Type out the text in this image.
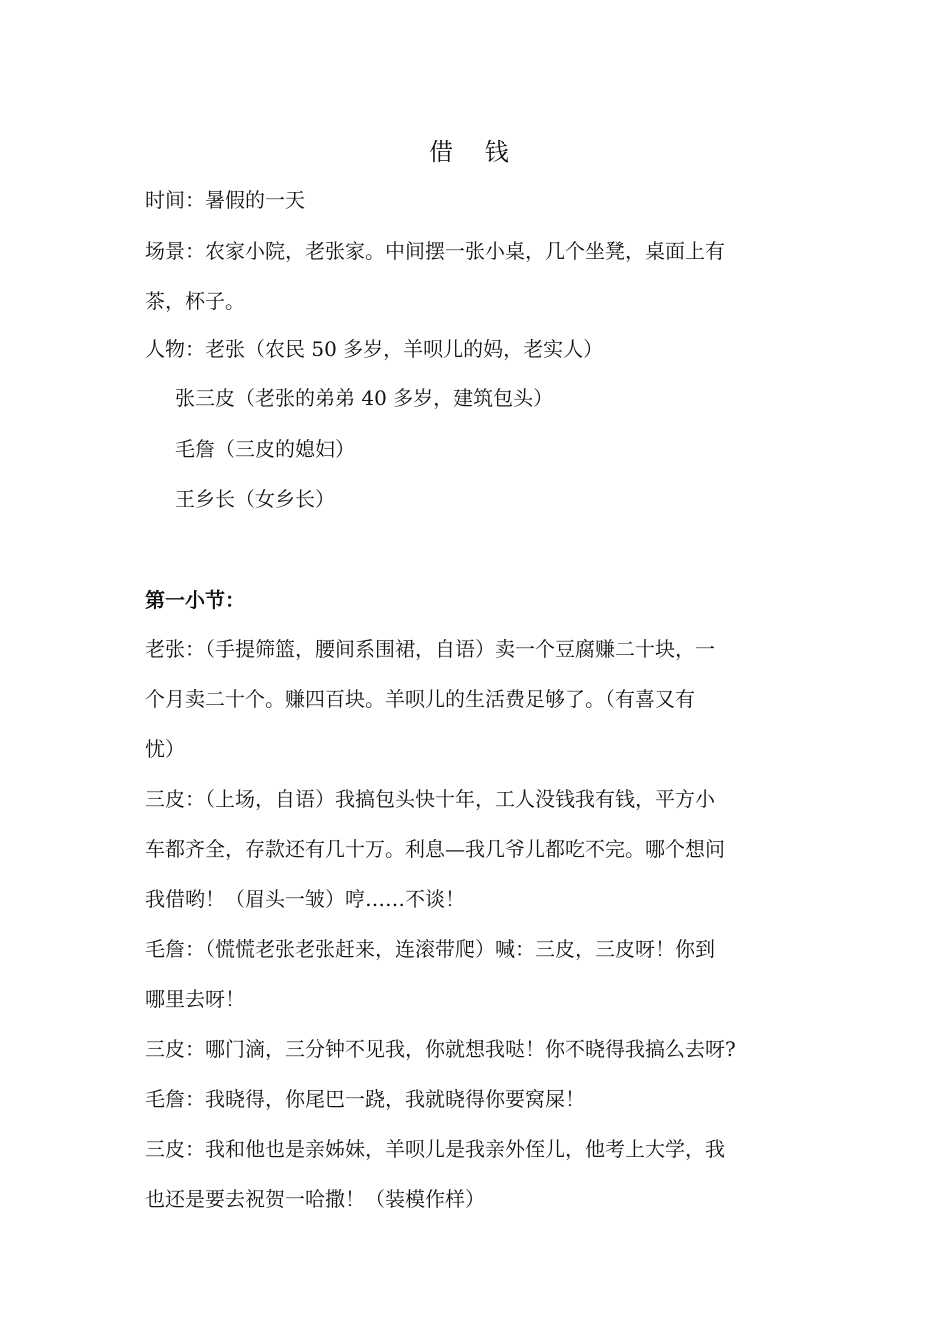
借 钱
时间：暑假的一天
场景：农家小院，老张家。中间摆一张小桌，几个坐凳，桌面上有
茶，杯子。
人物：老张（农民 50 多岁，羊呗儿的妈，老实人）
张三皮（老张的弟弟 40 多岁，建筑包头）
毛詹（三皮的媳妇）
王乡长（女乡长）
第一小节：
老张：（手提筛篮，腰间系围裙，自语）卖一个豆腐赚二十块，一
个月卖二十个。赚四百块。羊呗儿的生活费足够了。（有喜又有
忧）
三皮：（上场，自语）我搞包头快十年，工人没钱我有钱，平方小
车都齐全，存款还有几十万。利息—我几爷儿都吃不完。哪个想问
我借哟！（眉头一皱）哼……不谈！
毛詹：（慌慌老张老张赶来，连滚带爬）喊：三皮，三皮呀！你到
哪里去呀！
三皮：哪门滴，三分钟不见我，你就想我哒！你不晓得我搞么去呀?
毛詹：我晓得，你尾巴一跷，我就晓得你要窝屎！
三皮：我和他也是亲姊妹，羊呗儿是我亲外侄儿，他考上大学，我
也还是要去祝贺一哈撒！（装模作样）
